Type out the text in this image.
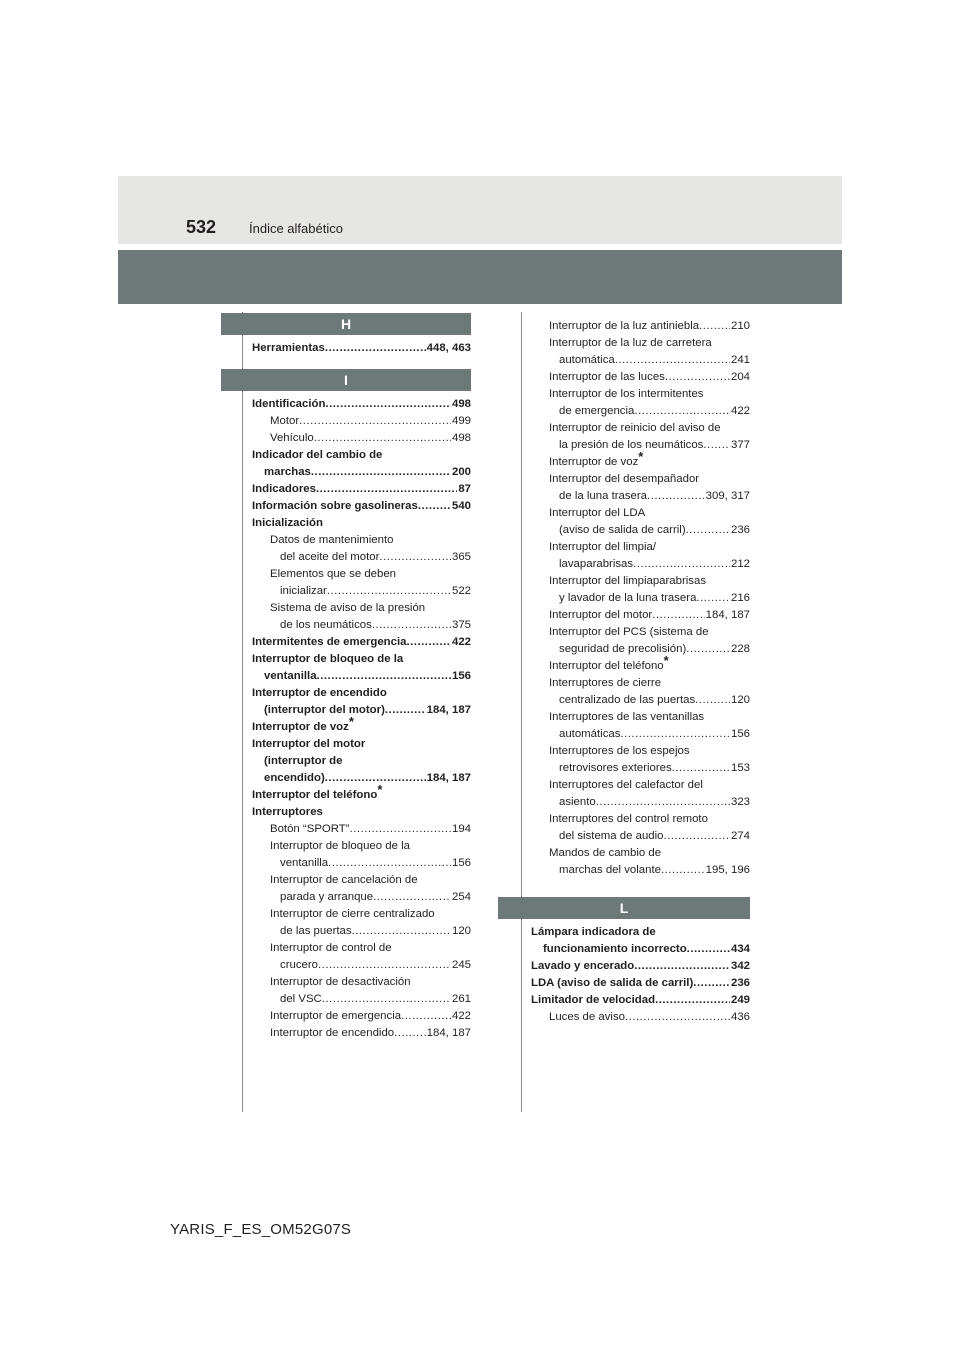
532	Índice alfabético
H
Herramientas .....	448, 463
I
Identificación .....	498
Motor .....	499
Vehículo .....	498
Indicador del cambio de
marchas .....	200
Indicadores .....	87
Información sobre gasolineras .....	540
Inicialización
Datos de mantenimiento
del aceite del motor .....	365
Elementos que se deben
inicializar .....	522
Sistema de aviso de la presión
de los neumáticos .....	375
Intermitentes de emergencia .....	422
Interruptor de bloqueo de la
ventanilla .....	156
Interruptor de encendido
(interruptor del motor) .....	184, 187
Interruptor de voz*
Interruptor del motor
(interruptor de
encendido) .....	184, 187
Interruptor del teléfono*
Interruptores
Botón “SPORT” .....	194
Interruptor de bloqueo de la
ventanilla .....	156
Interruptor de cancelación de
parada y arranque .....	254
Interruptor de cierre centralizado
de las puertas .....	120
Interruptor de control de
crucero .....	245
Interruptor de desactivación
del VSC .....	261
Interruptor de emergencia .....	422
Interruptor de encendido .....	184, 187
Interruptor de la luz antiniebla .....	210
Interruptor de la luz de carretera
automática .....	241
Interruptor de las luces .....	204
Interruptor de los intermitentes
de emergencia .....	422
Interruptor de reinicio del aviso de
la presión de los neumáticos ..... 377
Interruptor de voz*
Interruptor del desempañador
de la luna trasera .....	309, 317
Interruptor del LDA
(aviso de salida de carril) .....	236
Interruptor del limpia/
lavaparabrisas .....	212
Interruptor del limpiaparabrisas
y lavador de la luna trasera .....	216
Interruptor del motor .....	184, 187
Interruptor del PCS (sistema de
seguridad de precolisión) .....	228
Interruptor del teléfono*
Interruptores de cierre
centralizado de las puertas .....	120
Interruptores de las ventanillas
automáticas .....	156
Interruptores de los espejos
retrovisores exteriores .....	153
Interruptores del calefactor del
asiento .....	323
Interruptores del control remoto
del sistema de audio .....	274
Mandos de cambio de
marchas del volante .....	195, 196
L
Lámpara indicadora de
funcionamiento incorrecto .....	434
Lavado y encerado .....	342
LDA (aviso de salida de carril) .....	236
Limitador de velocidad .....	249
Luces de aviso .....	436
YARIS_F_ES_OM52G07S
